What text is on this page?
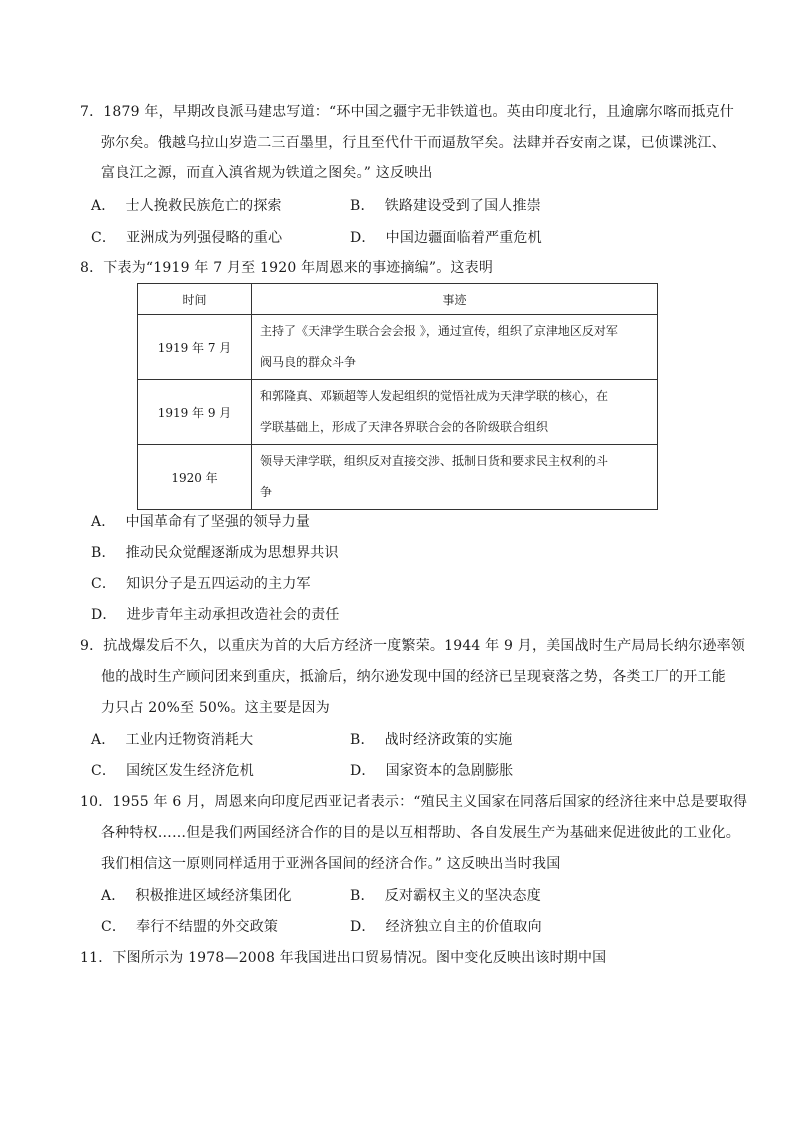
7．1879 年，早期改良派马建忠写道：“环中国之疆宇无非铁道也。英由印度北行，且逾廓尔喀而抵克什
弥尔矣。俄越乌拉山岁造二三百墨里，行且至代什干而逼敖罕矣。法肆并吞安南之谋，已侦谍洮江、
富良江之源，而直入滇省规为铁道之图矣。” 这反映出
A． 士人挽救民族危亡的探索	B． 铁路建设受到了国人推崇
C． 亚洲成为列强侵略的重心	D． 中国边疆面临着严重危机
8．下表为“1919 年 7 月至 1920 年周恩来的事迹摘编”。这表明
时间	事迹
1919 年 7 月	主持了《天津学生联合会会报 》，通过宣传，组织了京津地区反对军
阀马良的群众斗争

1919 年 9 月	和郭隆真、邓颖超等人发起组织的觉悟社成为天津学联的核心，在
学联基础上，形成了天津各界联合会的各阶级联合组织

1920 年	领导天津学联，组织反对直接交涉、抵制日货和要求民主权利的斗
争
A． 中国革命有了坚强的领导力量
B． 推动民众觉醒逐渐成为思想界共识
C． 知识分子是五四运动的主力军
D． 进步青年主动承担改造社会的责任
9．抗战爆发后不久，以重庆为首的大后方经济一度繁荣。1944 年 9 月，美国战时生产局局长纳尔逊率领
他的战时生产顾问团来到重庆，抵渝后，纳尔逊发现中国的经济已呈现衰落之势，各类工厂的开工能
力只占 20%至 50%。这主要是因为
A． 工业内迁物资消耗大	B． 战时经济政策的实施
C． 国统区发生经济危机	D． 国家资本的急剧膨胀
10．1955 年 6 月，周恩来向印度尼西亚记者表示：“殖民主义国家在同落后国家的经济往来中总是要取得
各种特权……但是我们两国经济合作的目的是以互相帮助、各自发展生产为基础来促进彼此的工业化。
我们相信这一原则同样适用于亚洲各国间的经济合作。” 这反映出当时我国
A． 积极推进区域经济集团化	B． 反对霸权主义的坚决态度
C． 奉行不结盟的外交政策	D． 经济独立自主的价值取向
11．下图所示为 1978—2008 年我国进出口贸易情况。图中变化反映出该时期中国
